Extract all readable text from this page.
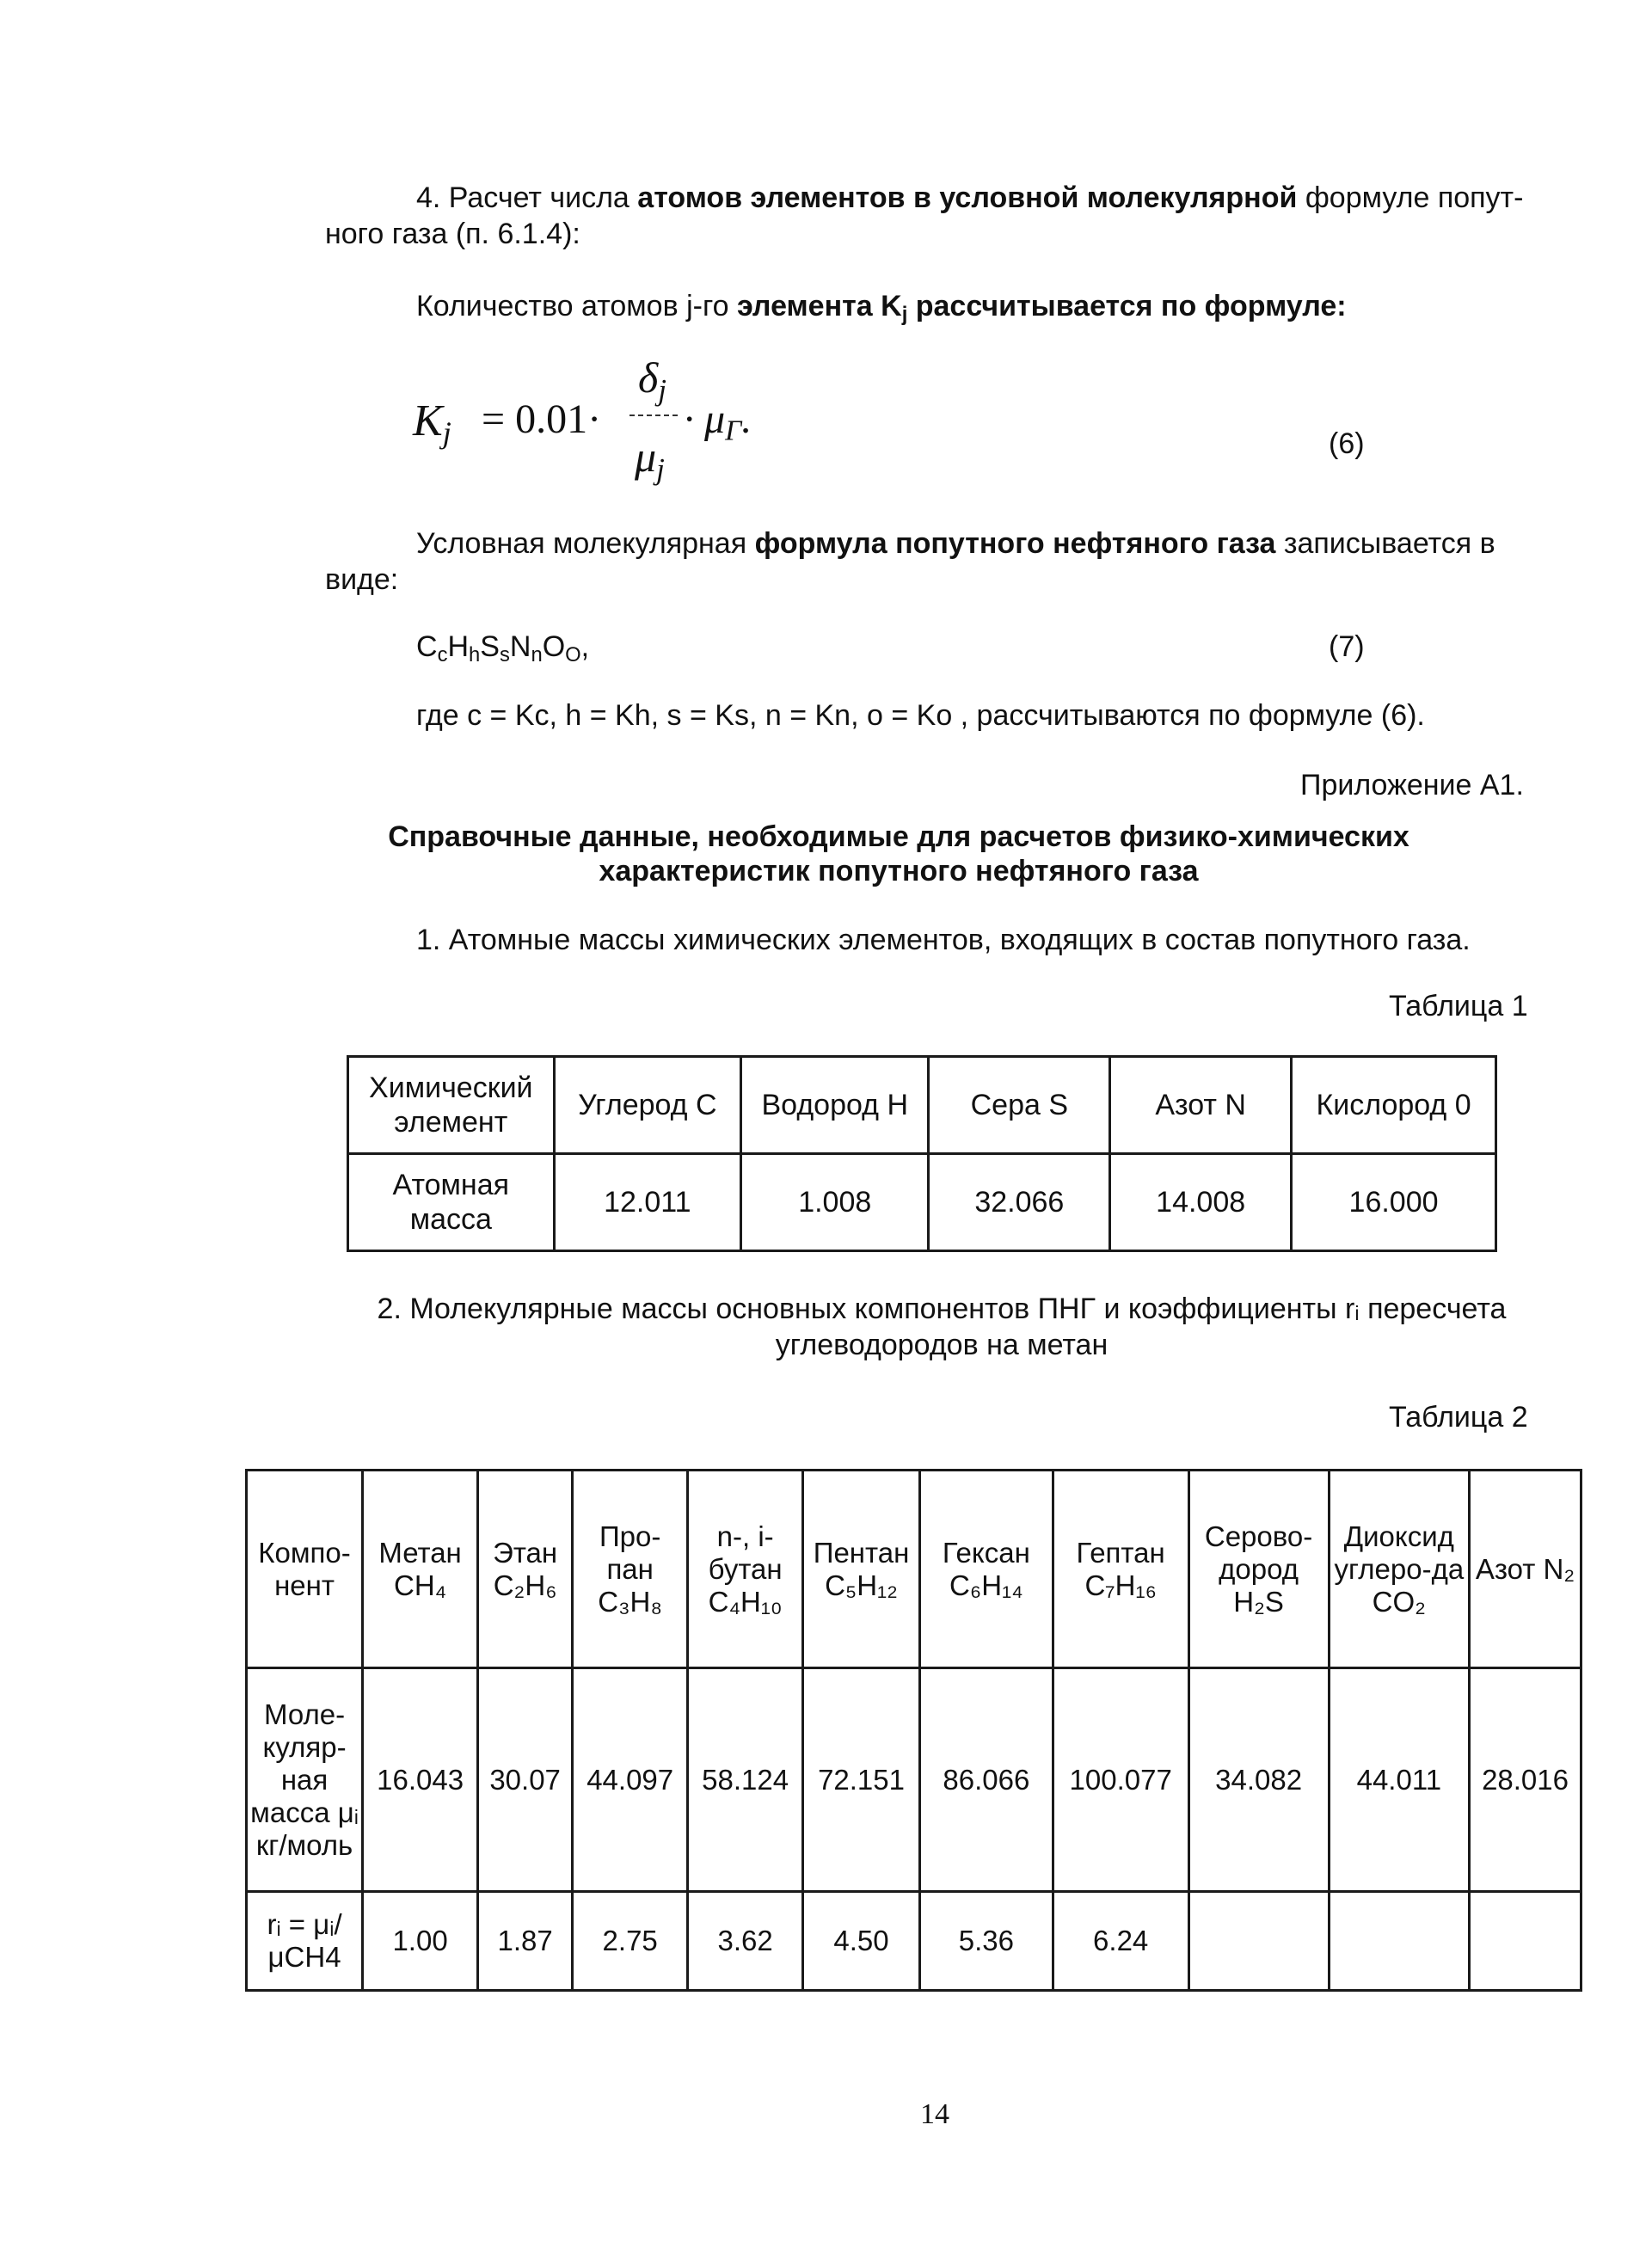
4. Расчет числа атомов элементов в условной молекулярной формуле попут-
ного газа (п. 6.1.4):
Количество атомов j-го элемента $K_j$ рассчитывается по формуле:
$K_j = 0.01\cdot$
$\delta_j$
$\mu_j$
· $\mu_Г$.
(6)
Условная молекулярная формула попутного нефтяного газа записывается в
виде:
$C_cH_hS_sN_nO_O$,	(7)
где c = Kc, h = Kh, s = Ks, n = Kn, o = Ko , рассчитываются по формуле (6).
Приложение А1.
Справочные данные, необходимые для расчетов физико-химических
характеристик попутного нефтяного газа
1. Атомные массы химических элементов, входящих в состав попутного газа.
Таблица 1
Химический элемент	Углерод С	Водород Н	Сера S	Азот N	Кислород 0
Атомная масса	12.011	1.008	32.066	14.008	16.000
2. Молекулярные массы основных компонентов ПНГ и коэффициенты rᵢ пересчета
углеводородов на метан
Таблица 2
Компо-нент	Метан CH₄	Этан C₂H₆	Про-пан C₃H₈	n-, i-бутан C₄H₁₀	Пентан C₅H₁₂	Гексан C₆H₁₄	Гептан C₇H₁₆	Серово-дород H₂S	Диоксид углеро-да CO₂	Азот N₂
Моле-куляр-ная масса μᵢ кг/моль	16.043	30.07	44.097	58.124	72.151	86.066	100.077	34.082	44.011	28.016
rᵢ = μᵢ/μCH4	1.00	1.87	2.75	3.62	4.50	5.36	6.24			
14
